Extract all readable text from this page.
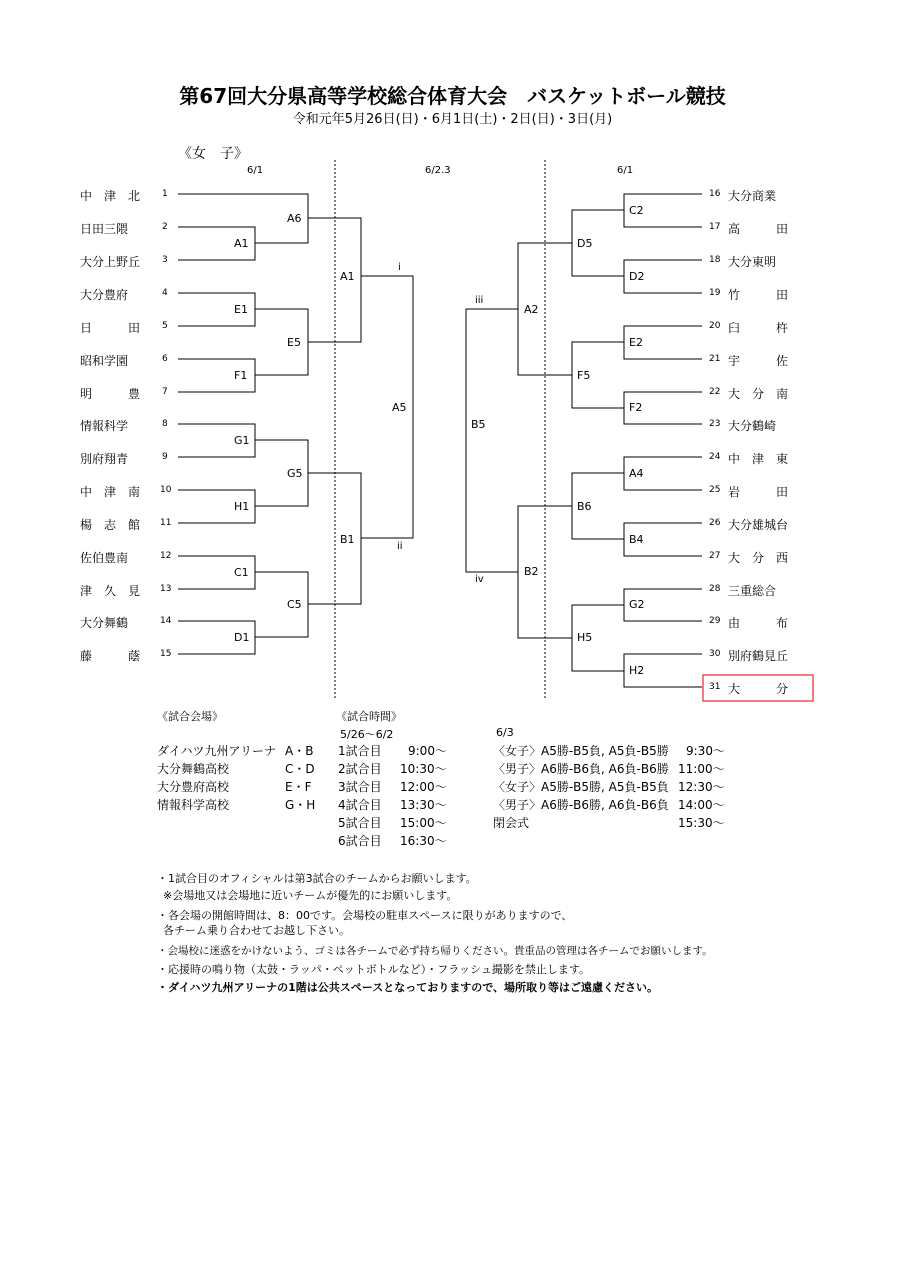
第67回大分県高等学校総合体育大会　バスケットボール競技
令和元年5月26日(日)・6月1日(土)・2日(日)・3日(月)
《女　子》
6/1	6/2.3	6/1
中　津　北 1
日田三隈	2
大分上野丘 3
大分豊府	4
日　　　田 5
昭和学園	6
明　　　豊 7
情報科学	8
別府翔青	9
中　津　南 10
楊　志　館 11
佐伯豊南	12
津　久　見 13
大分舞鶴	14
藤　　　蔭 15
16 大分商業
17 高　　　田
18 大分東明
19 竹　　　田
20 臼　　　杵
21 宇　　　佐
22 大　分　南
23 大分鶴崎
24 中　津　東
25 岩　　　田
26 大分雄城台
27 大　分　西
28 三重総合
29 由　　　布
30 別府鶴見丘
31 大　　　分
A6
A1
E1
E5
F1
G1
G5
H1
C1
C5
D1
A1
B1
i
A5
ii
iii
B5
iv
C2
D5
D2
E2
F5
F2
A4
B6
B4
G2
H5
H2
A2
B2
《試合会場》
ダイハツ九州アリーナ A・B
大分舞鶴高校	C・D
大分豊府高校	E・F
情報科学高校	G・H
《試合時間》
5/26～6/2
1試合目 9:00～
2試合目 10:30～
3試合目 12:00～
4試合目 13:30～
5試合目 15:00～
6試合目 16:30～
6/3
〈女子〉A5勝-B5負, A5負-B5勝 9:30～
〈男子〉A6勝-B6負, A6負-B6勝 11:00～
〈女子〉A5勝-B5勝, A5負-B5負 12:30～
〈男子〉A6勝-B6勝, A6負-B6負 14:00～
閉会式	15:30～
・1試合目のオフィシャルは第3試合のチームからお願いします。
※会場地又は会場地に近いチームが優先的にお願いします。
・各会場の開館時間は、8：00です。会場校の駐車スペースに限りがありますので、
各チーム乗り合わせてお越し下さい。
・会場校に迷惑をかけないよう、ゴミは各チームで必ず持ち帰りください。貴重品の管理は各チームでお願いします。
・応援時の鳴り物（太鼓・ラッパ・ペットボトルなど）・フラッシュ撮影を禁止します。
・ダイハツ九州アリーナの1階は公共スペースとなっておりますので、場所取り等はご遠慮ください。
